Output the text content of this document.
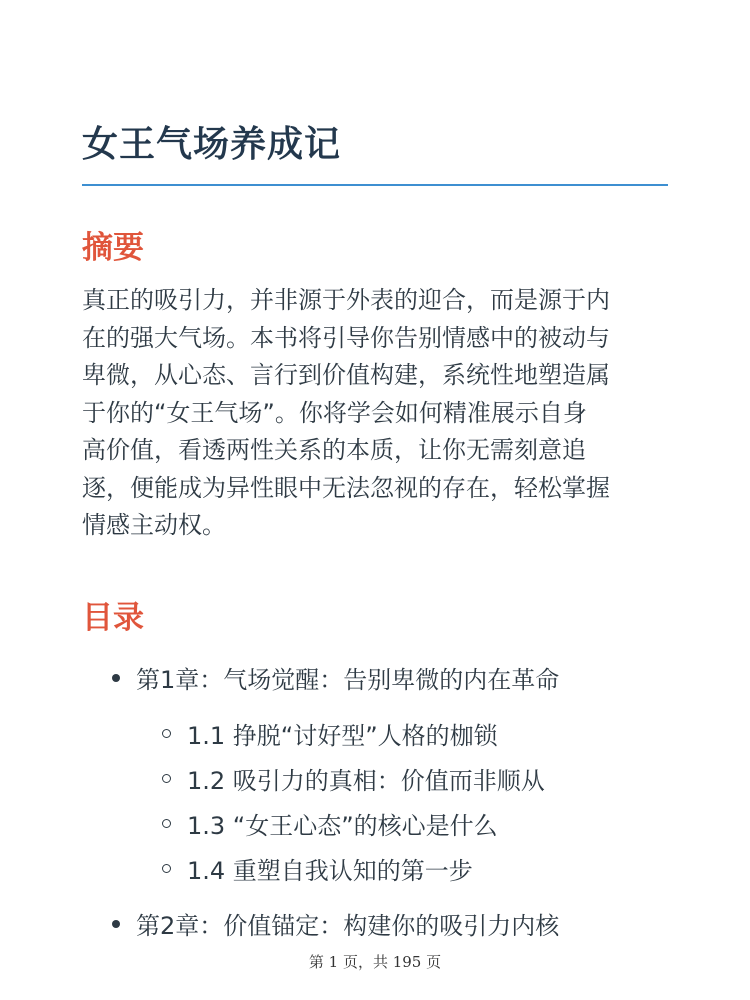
女王气场养成记
摘要

真正的吸引力，并非源于外表的迎合，而是源于内
在的强大气场。本书将引导你告别情感中的被动与
卑微，从心态、言行到价值构建，系统性地塑造属
于你的“女王气场”。你将学会如何精准展示自身
高价值，看透两性关系的本质，让你无需刻意追
逐，便能成为异性眼中无法忽视的存在，轻松掌握
情感主动权。

目录
第1章：气场觉醒：告别卑微的内在革命
1.1 挣脱“讨好型”人格的枷锁
1.2 吸引力的真相：价值而非顺从
1.3 “女王心态”的核心是什么
1.4 重塑自我认知的第一步
第2章：价值锚定：构建你的吸引力内核
第 1 页，共 195 页
